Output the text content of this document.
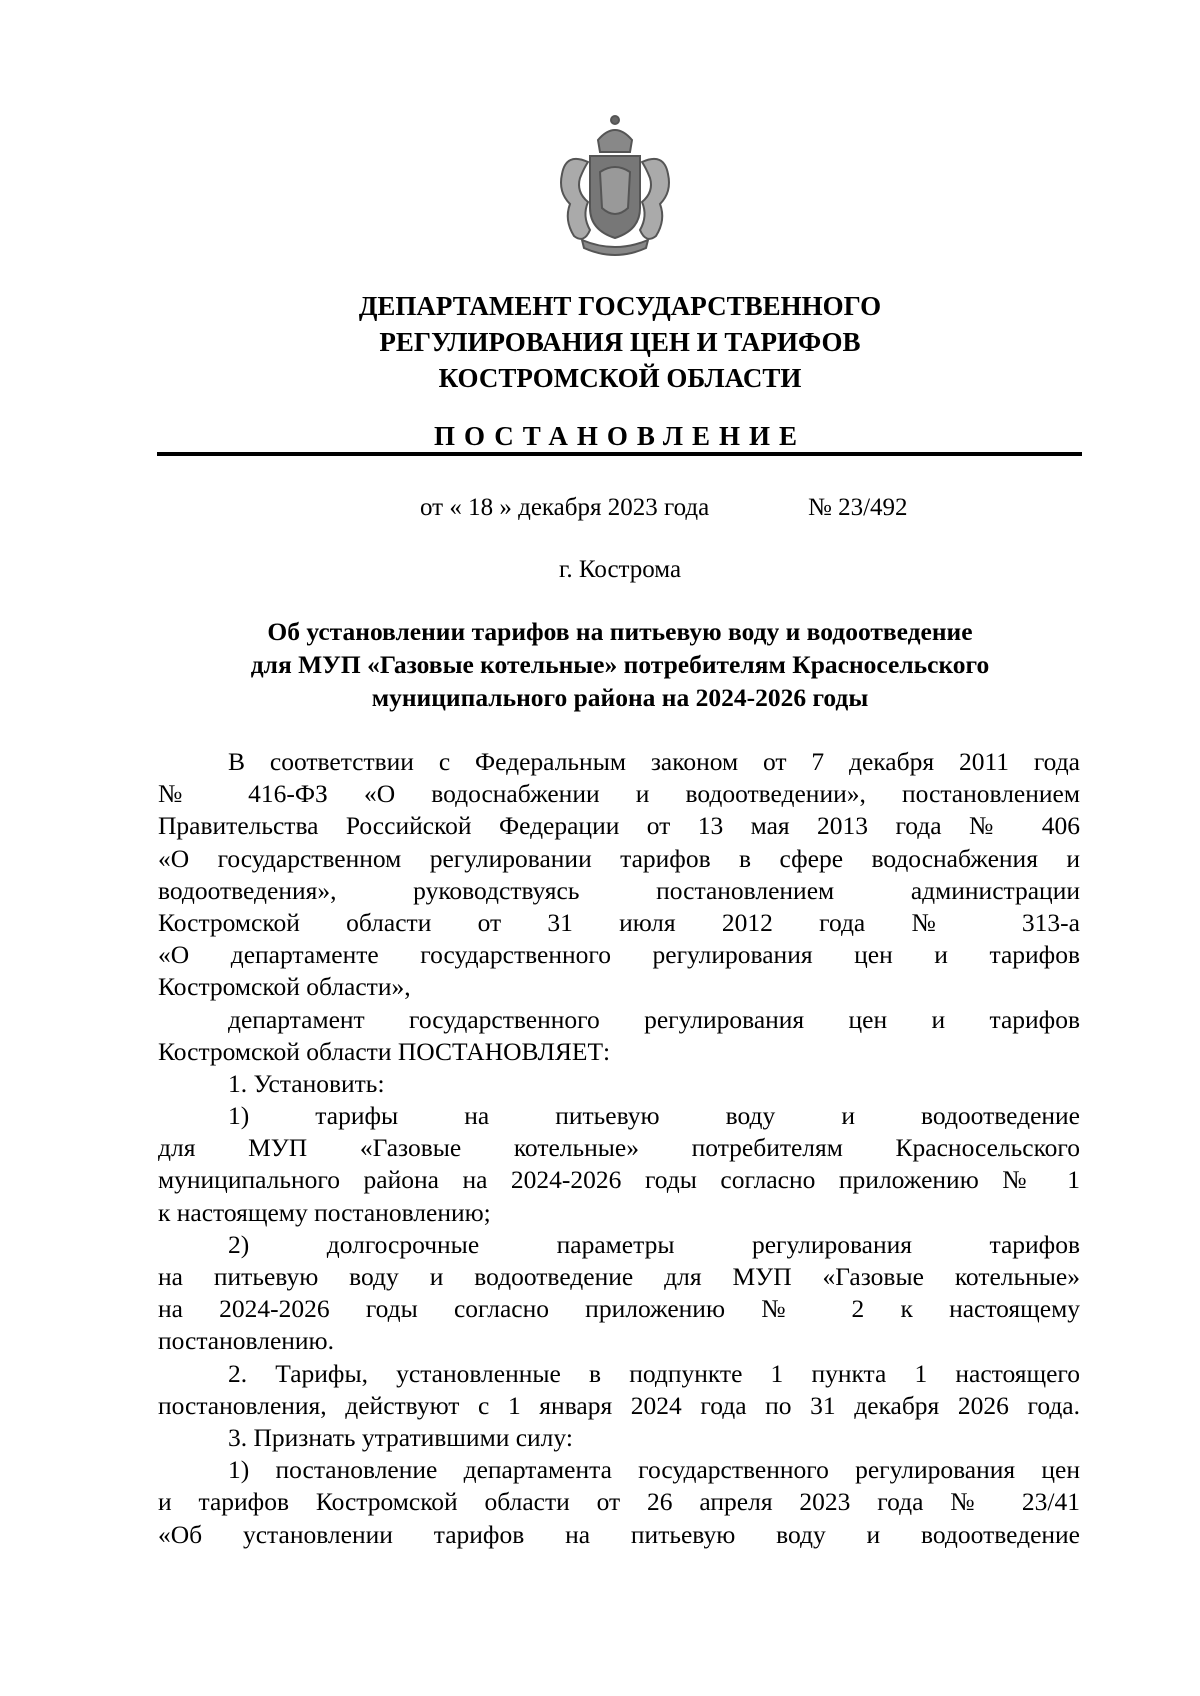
ДЕПАРТАМЕНТ ГОСУДАРСТВЕННОГО
РЕГУЛИРОВАНИЯ ЦЕН И ТАРИФОВ
КОСТРОМСКОЙ ОБЛАСТИ
ПОСТАНОВЛЕНИЕ
от « 18 » декабря 2023 года	№ 23/492
г. Кострома
Об установлении тарифов на питьевую воду и водоотведение
для МУП «Газовые котельные» потребителям Красносельского
муниципального района на 2024-2026 годы
В соответствии с Федеральным законом от 7 декабря 2011 года
№ 416-ФЗ «О водоснабжении и водоотведении», постановлением
Правительства Российской Федерации от 13 мая 2013 года № 406
«О государственном регулировании тарифов в сфере водоснабжения и
водоотведения», руководствуясь постановлением администрации
Костромской области от 31 июля 2012 года № 313-а
«О департаменте государственного регулирования цен и тарифов
Костромской области»,
департамент государственного регулирования цен и тарифов
Костромской области ПОСТАНОВЛЯЕТ:
1. Установить:
1) тарифы на питьевую воду и водоотведение
для МУП «Газовые котельные» потребителям Красносельского
муниципального района на 2024-2026 годы согласно приложению № 1
к настоящему постановлению;
2) долгосрочные параметры регулирования тарифов
на питьевую воду и водоотведение для МУП «Газовые котельные»
на 2024-2026 годы согласно приложению № 2 к настоящему
постановлению.
2. Тарифы, установленные в подпункте 1 пункта 1 настоящего
постановления, действуют с 1 января 2024 года по 31 декабря 2026 года.
3. Признать утратившими силу:
1) постановление департамента государственного регулирования цен
и тарифов Костромской области от 26 апреля 2023 года № 23/41
«Об установлении тарифов на питьевую воду и водоотведение
